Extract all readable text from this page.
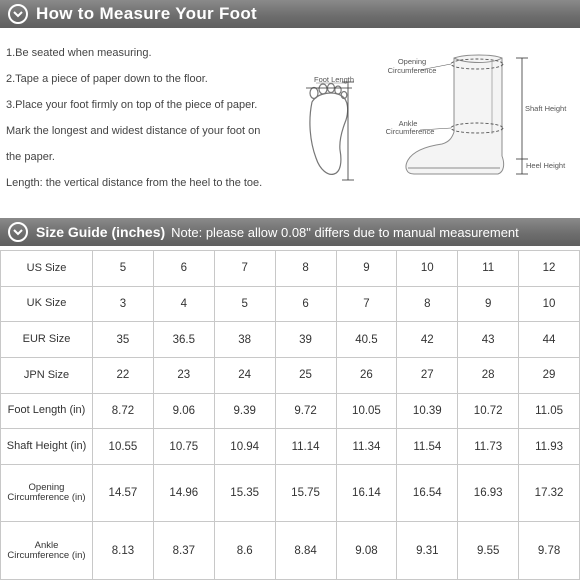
How to Measure Your Foot
1.Be seated when measuring.
2.Tape a piece of paper down to the floor.
3.Place your foot firmly on top of the piece of paper.
Mark the longest and widest distance of your foot on
the paper.
Length: the vertical distance from the heel to the toe.
Foot Length
Opening
Circumference
Ankle
Circumference
Shaft Height
Heel Height
Size Guide (inches) Note: please allow 0.08" differs due to manual measurement
US Size	5	6	7	8	9	10	11	12
UK Size	3	4	5	6	7	8	9	10
EUR Size	35	36.5	38	39	40.5	42	43	44
JPN Size	22	23	24	25	26	27	28	29
Foot Length (in)	8.72	9.06	9.39	9.72	10.05	10.39	10.72	11.05
Shaft Height (in)	10.55	10.75	10.94	11.14	11.34	11.54	11.73	11.93

Opening
Circumference (in)	14.57	14.96	15.35	15.75	16.14	16.54	16.93	17.32

Ankle
Circumference (in)	8.13	8.37	8.6	8.84	9.08	9.31	9.55	9.78
